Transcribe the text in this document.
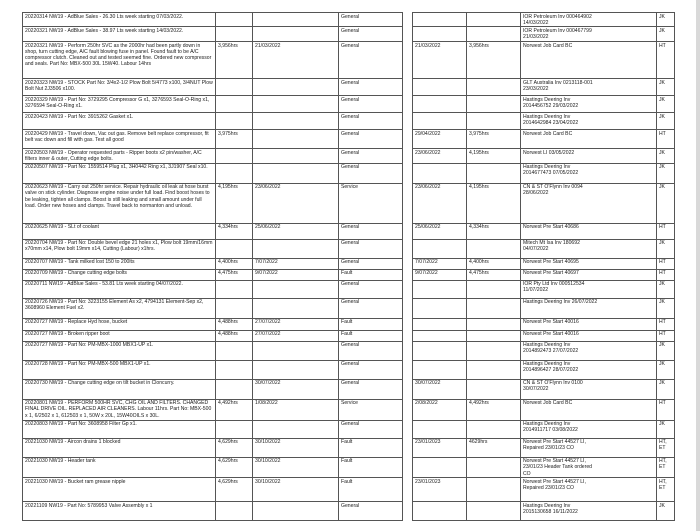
20220314 NW19 - AdBlue Sales - 26.30 Lts week starting 07/03/2022.			General				IOR Petroleum Inv 000464902
14/03/2022	JK
20220321 NW19 - AdBlue Sales - 38.97 Lts week starting 14/03/2022.			General				IOR Petroleum Inv 000467799
21/03/2022	JK
20220321 NW19 - Perform 250hr SVC as the 2000hr had been partly down in shop, turn cutting edge, A/C fault blowing fuse in panel. Found fault to be A/C compressor clutch. Cleaned out and tested seemed fine. Ordered new compressor and seals. Part No: MBX-500 30L 15W40. Labour 14hrs	3,956hrs	21/03/2022	General		21/03/2022	3,956hrs	Norwest Job Card BC	HT
20220323 NW19 - STOCK Part No: 3/4x2-1/2 Plow Bolt 5/4773 x100, 3/4NUT Plow Bolt Nut 2J3506 x100.			General				GLT Australia Inv 0213118-001
23/03/2022	JK
20220329 NW19 - Part No: 3729295 Compressor G x1, 3276593 Seal-O-Ring x1, 3276594 Seal-O-Ring x1.			General				Hastings Deering Inv
2014456752 29/03/2022	JK
20220423 NW19 - Part No: 3915262 Gasket x1.			General				Hastings Deering Inv
2014642984 23/04/2022	JK
20220429 NW19 - Travel down, Vac out gas. Remove belt replace compressor, fit belt vac down and fill with gas. Test all good	3,975hrs		General		29/04/2022	3,975hrs	Norwest Job Card BC	HT
20220503 NW19 - Operator requested parts - Ripper boots x2 pin/washer, A/C filters inner & outer, Cutting edge bolts.			General		23/06/2022	4,195hrs	Norwest LI 03/05/2022	JK
20220507 NW19 - Part No: 1559514 Plug x1, 3H0442 Ring x1, 3J1907 Seal x10.			General				Hastings Deering Inv
2014677473 07/05/2022	JK
20220623 NW19 - Carry out 250hr service. Repair hydraulic oil leak at hose burst valve on stick cylinder. Diagnose engine noise under full load. Find boost hoses to be leaking, tighten all clamps. Boost is still leaking and small amount under full load. Order new hoses and clamps. Travel back to normanton and unload.	4,195hrs	23/06/2022	Service		23/06/2022	4,195hrs	CN & ST O'Flynn Inv 0094
28/06/2022	JK
20220625 NW19 - SLt of coolant	4,334hrs	25/06/2022	General		25/06/2022	4,334hrs	Norwest Pre Start 40686	HT
20220704 NW19 - Part No: Double bevel edge 21 holes x1, Plow bolt 19mm/16mm x70mm x14, Plow bolt 19mm x14, Cutting (Labour) x1hrs.			General				Mitech Mt Isa Inv 180692
04/07/2022	JK
20220707 NW19 - Tank milked lost 150 to 200lts	4,400hrs	7/07/2022	General		7/07/2022	4,400hrs	Norwest Pre Start 40695	HT
20220709 NW19 - Change cutting edge bolts	4,475hrs	9/07/2022	Fault		9/07/2022	4,475hrs	Norwest Pre Start 40697	HT
20220711 NW19 - AdBlue Sales - 53.81 Lts week starting 04/07/2022.			General				IOR Pty Ltd Inv 000512534
11/07/2022	JK
20220726 NW19 - Part No: 3223155 Element As x2, 4794131 Element-Sep x2, 3608960 Element Fuel x2.			General				Hastings Deering Inv 26/07/2022	JK
20220727 NW19 - Replace Hyd hose, bucket	4,488hrs	27/07/2022	Fault				Norwest Pre Start 40016	HT
20220727 NW19 - Broken ripper boot	4,488hrs	27/07/2022	Fault				Norwest Pre Start 40016	HT
20220727 NW19 - Part No: PM-MBX-1000 MBX1-UP x1.			General				Hastings Deering Inv
2014892473 27/07/2022	JK
20220728 NW19 - Part No: PM-MBX-500 MBX1-UP x1.			General				Hastings Deering Inv
2014896427 28/07/2022	JK
20220730 NW19 - Change cutting edge on tilt bucket in Cloncurry.		30/07/2022	General		30/07/2022		CN & ST O'Flynn Inv 0100
30/07/2022	JK
20220801 NW19 - PERFORM 500HR SVC, CHG OIL AND FILTERS. CHANGED FINAL DRIVE OIL. REPLACED AIR CLEANERS. Labour 11hrs. Part No: MBX-500 x 1, 6/2502 x 1, 612503 x 1, 50W x 20L, 15W40OILS x 30L.	4,492hrs	1/08/2022	Service		2/08/2022	4,492hrs	Norwest Job Card BC	HT
20220803 NW19 - Part No: 3608958 Filter Gp x1.			General				Hastings Deering Inv
2014911717 03/08/2022	JK
20221030 NW19 - Aircon drains 1 blocked	4,629hrs	30/10/2022	Fault		23/01/2023	4629hrs	Norwest Pre Start 44527 LI,
Repaired 23/01/23 CO	HT, ET
20221030 NW19 - Header tank	4,629hrs	30/10/2022	Fault				Norwest Pre Start 44527 LI,
23/01/23 Header Tank ordered
CO	HT, ET
20221030 NW19 - Bucket ram grease nipple	4,629hrs	30/10/2022	Fault		23/01/2023		Norwest Pre Start 44527 LI,
Repaired 23/01/23 CO	HT, ET
20221109 NW19 - Part No: 5789953 Valve Assembly x 1			General				Hastings Deering Inv
2015130658 16/11/2022	JK
